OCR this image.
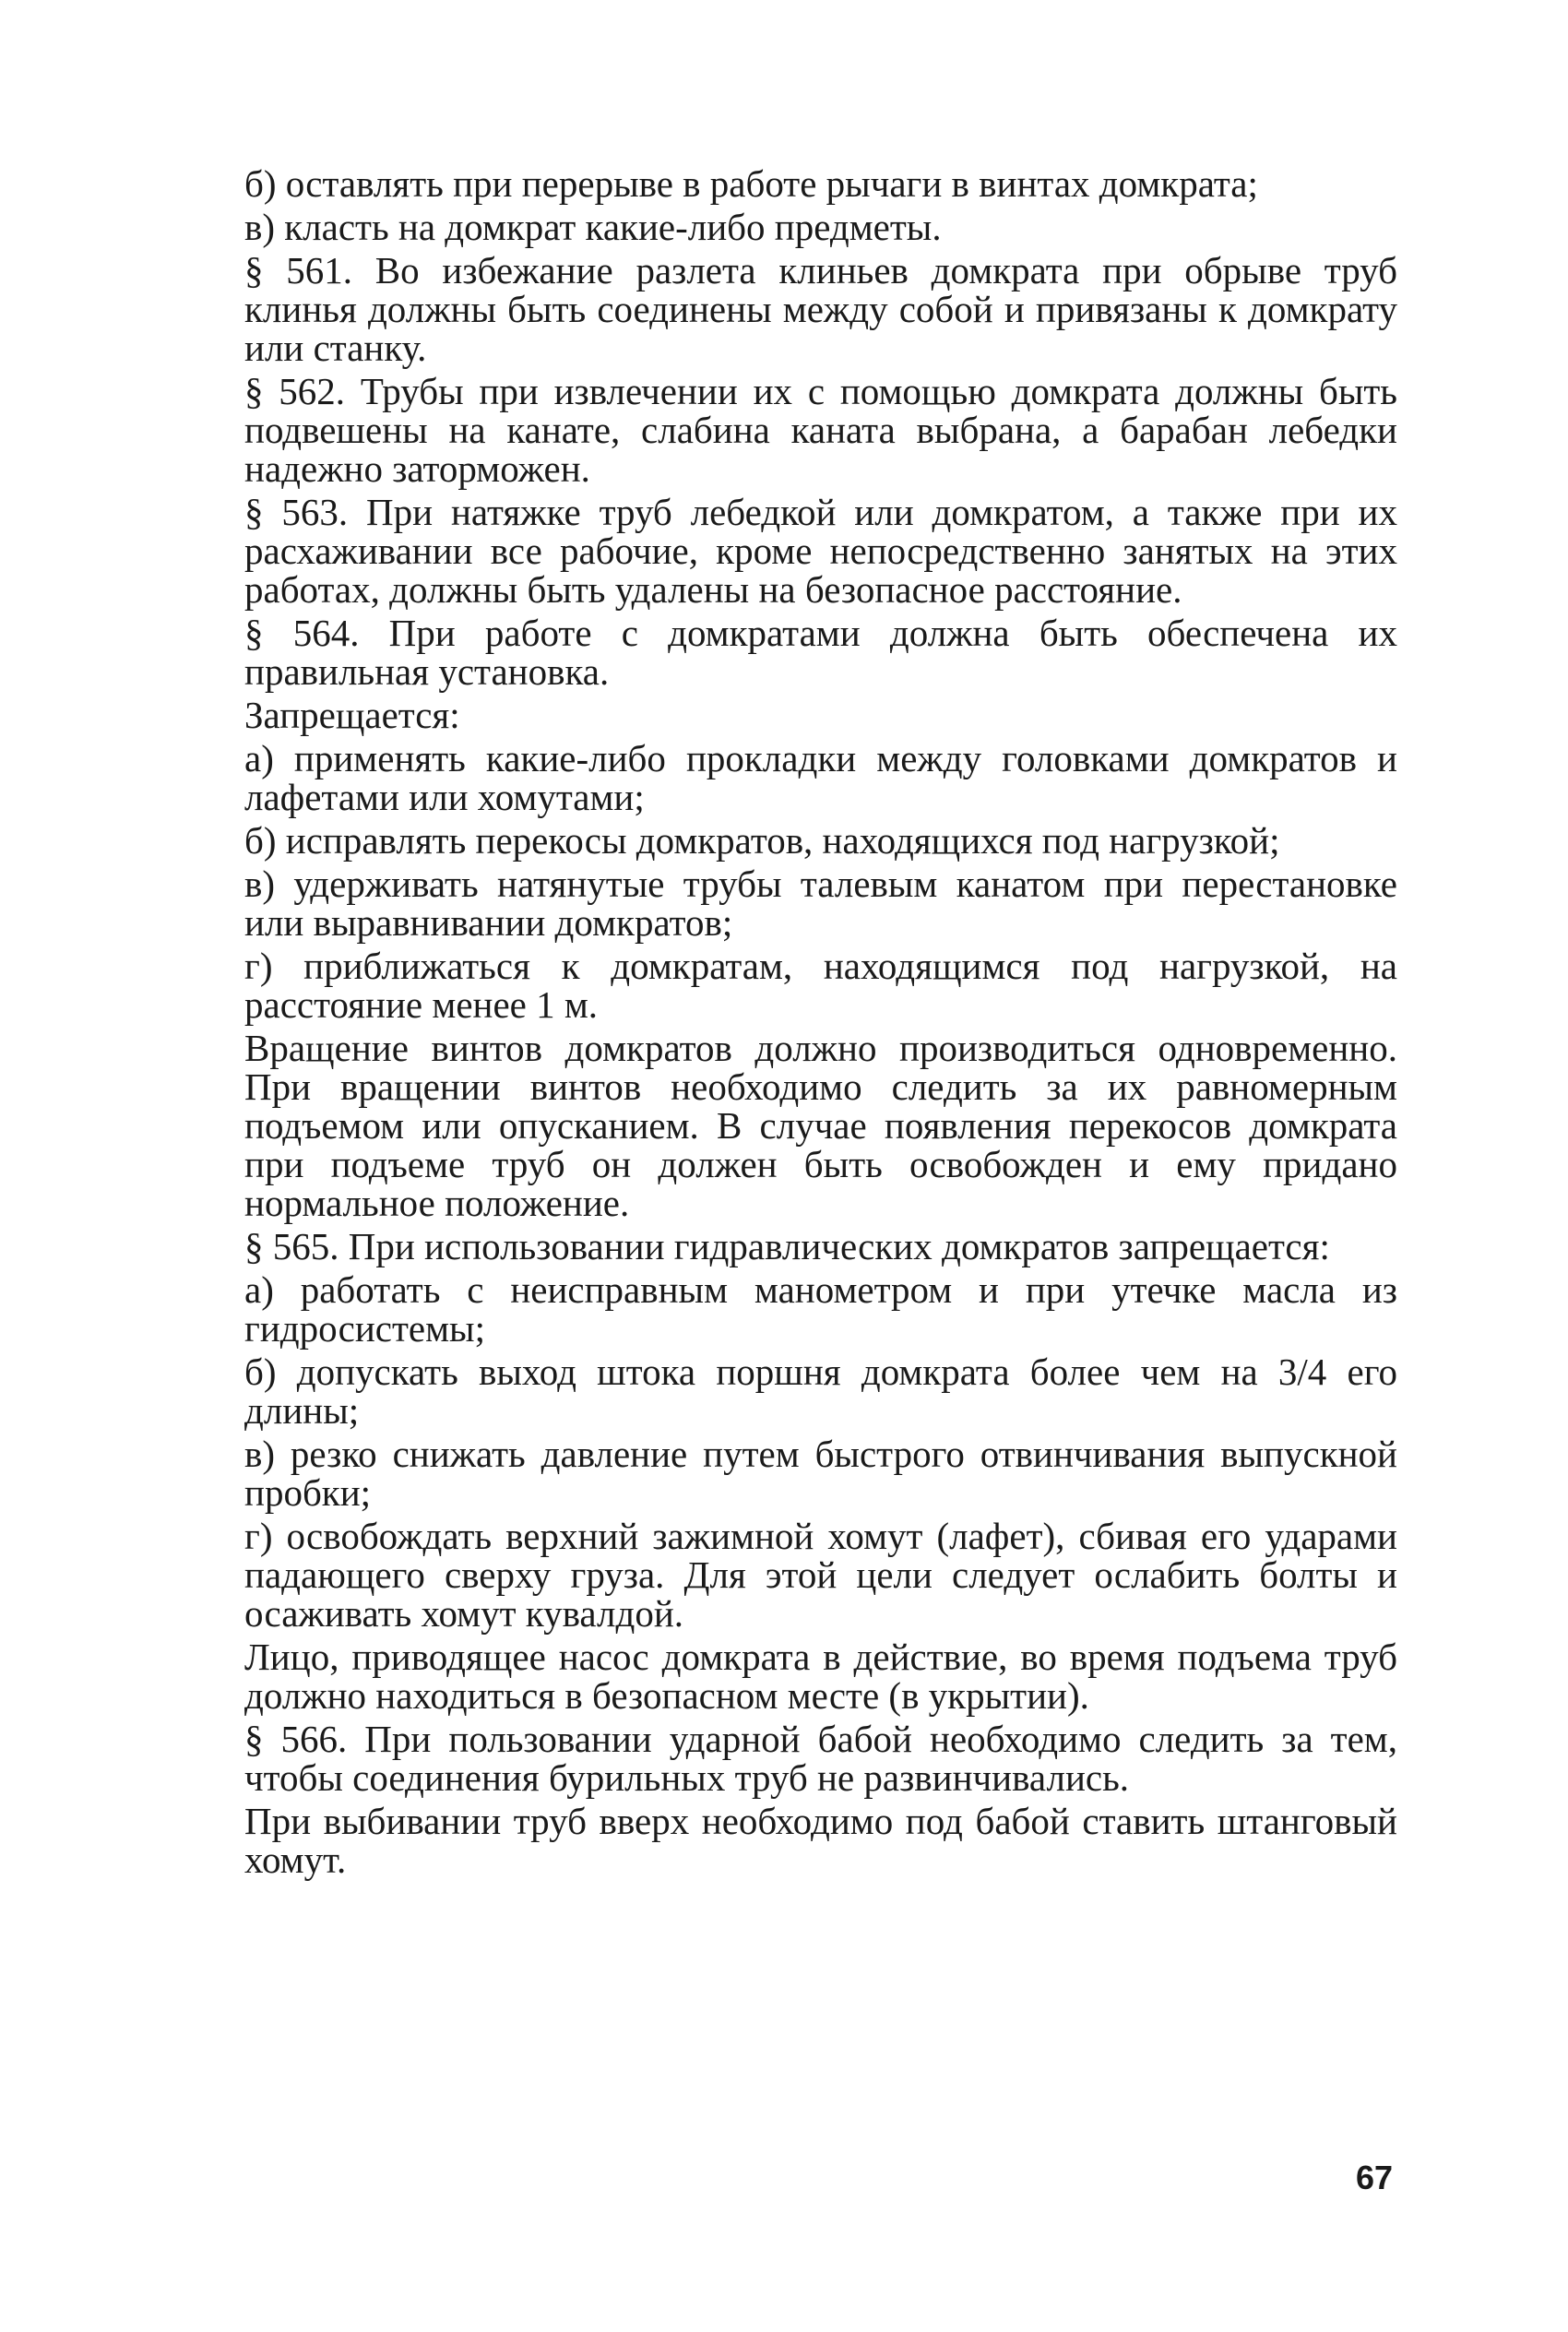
б) оставлять при перерыве в работе рычаги в винтах домкрата;

в) класть на домкрат какие-либо предметы.

§ 561. Во избежание разлета клиньев домкрата при обрыве труб клинья должны быть соединены между собой и привязаны к домкрату или станку.

§ 562. Трубы при извлечении их с помощью домкрата должны быть подвешены на канате, слабина каната выбрана, а барабан лебедки надежно заторможен.

§ 563. При натяжке труб лебедкой или домкратом, а также при их расхаживании все рабочие, кроме непосредственно занятых на этих работах, должны быть удалены на безопасное расстояние.

§ 564. При работе с домкратами должна быть обеспечена их правильная установка.

Запрещается:

а) применять какие-либо прокладки между головками домкратов и лафетами или хомутами;

б) исправлять перекосы домкратов, находящихся под нагрузкой;

в) удерживать натянутые трубы талевым канатом при перестановке или выравнивании домкратов;

г) приближаться к домкратам, находящимся под нагрузкой, на расстояние менее 1 м.

Вращение винтов домкратов должно производиться одновременно. При вращении винтов необходимо следить за их равномерным подъемом или опусканием. В случае появления перекосов домкрата при подъеме труб он должен быть освобожден и ему придано нормальное положение.

§ 565. При использовании гидравлических домкратов запрещается:

а) работать с неисправным манометром и при утечке масла из гидросистемы;

б) допускать выход штока поршня домкрата более чем на 3/4 его длины;

в) резко снижать давление путем быстрого отвинчивания выпускной пробки;

г) освобождать верхний зажимной хомут (лафет), сбивая его ударами падающего сверху груза. Для этой цели следует ослабить болты и осаживать хомут кувалдой.

Лицо, приводящее насос домкрата в действие, во время подъема труб должно находиться в безопасном месте (в укрытии).

§ 566. При пользовании ударной бабой необходимо следить за тем, чтобы соединения бурильных труб не развинчивались.

При выбивании труб вверх необходимо под бабой ставить штанговый хомут.

67
